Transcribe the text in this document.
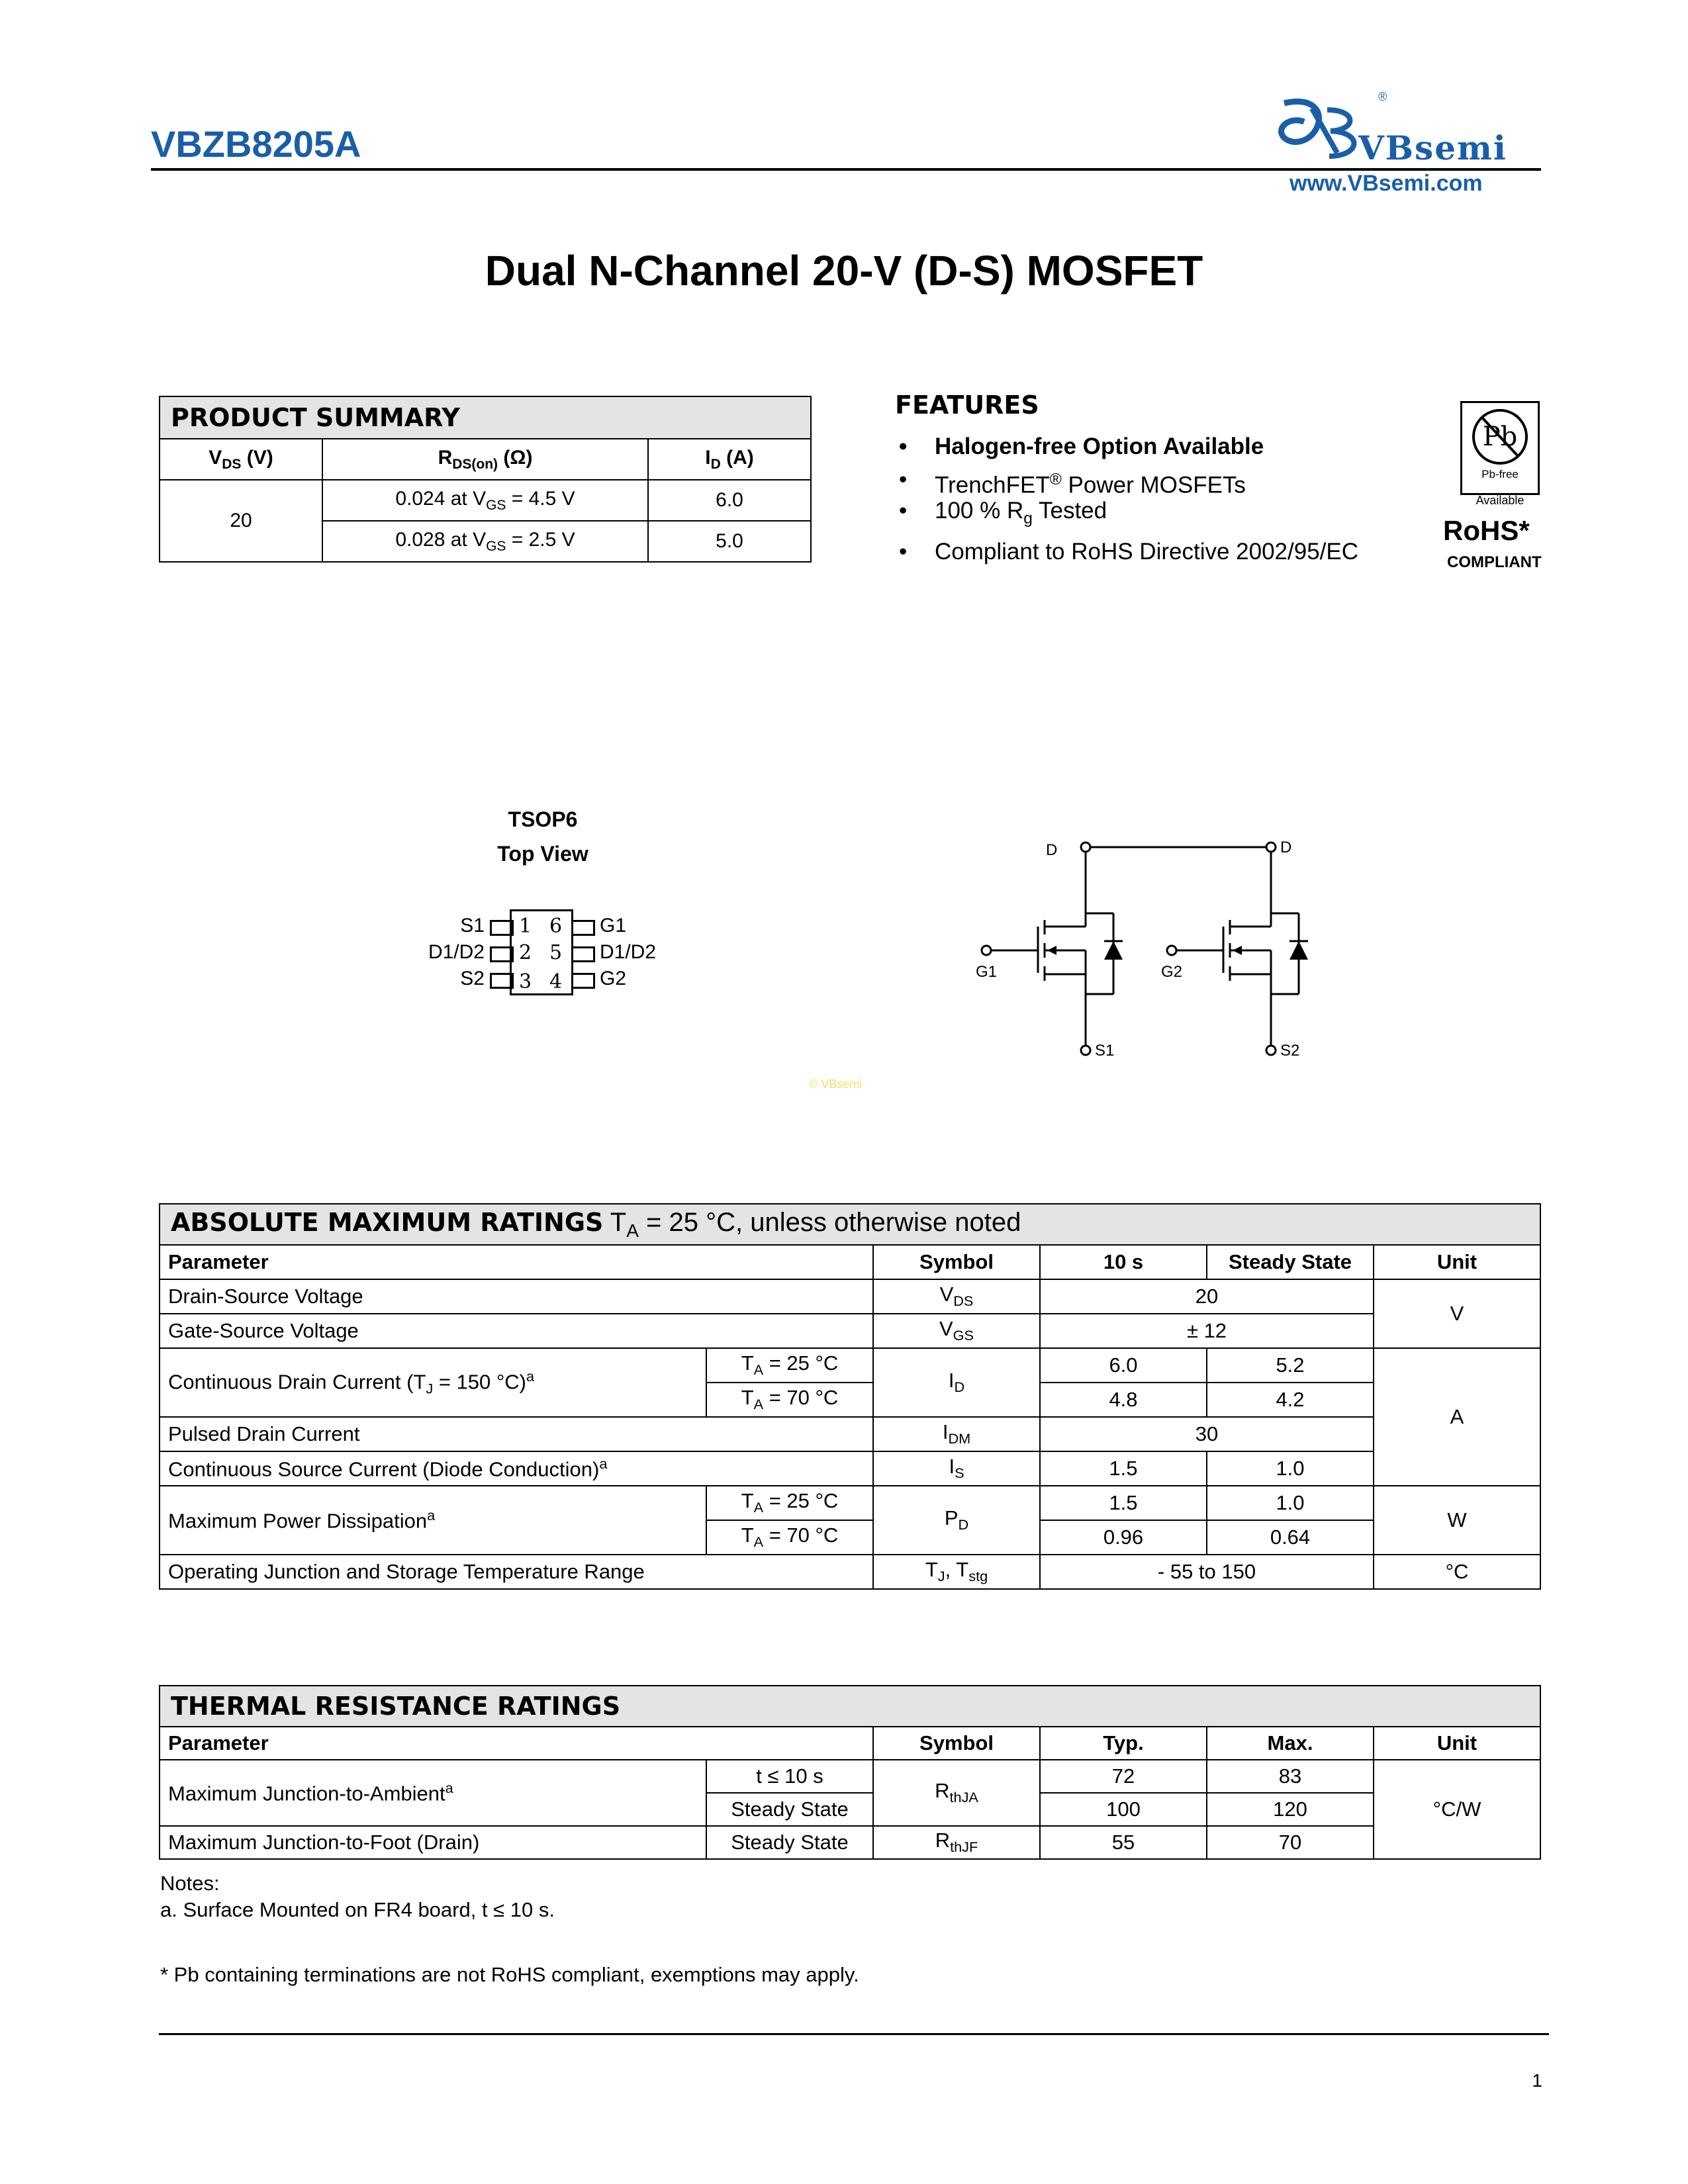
VBZB8205A
®
VBsemi
www.VBsemi.com
Dual N-Channel 20-V (D-S) MOSFET
PRODUCT SUMMARY		
$V_{DS}$ (V)	$R_{DS(on)}$ (Ω)	$I_D$ (A)
20	0.024 at $V_{GS} = 4.5$ V	6.0
	0.028 at $V_{GS} = 2.5$ V	5.0
FEATURES
• Halogen-free Option Available
• TrenchFET® Power MOSFETs
• 100 % $R_g$ Tested
• Compliant to RoHS Directive 2002/95/EC
Pb
Pb-free
Available
RoHS*
COMPLIANT
TSOP6
Top View
S1
D1/D2
S2
G1
D1/D2
G2
1
2
3
6
5
4
D	D
G1	G2
S1	S2
© VBsemi
ABSOLUTE MAXIMUM RATINGS $T_A = 25$ °C, unless otherwise noted					
Parameter		Symbol	10 s	Steady State	Unit
Drain-Source Voltage		$V_{DS}$	20		V
Gate-Source Voltage		$V_{GS}$	± 12		
Continuous Drain Current ($T_J = 150$ °C)$^a$	$T_A = 25$ °C	$I_D$	6.0	5.2	A
	$T_A = 70$ °C		4.8	4.2	
Pulsed Drain Current		$I_{DM}$	30		
Continuous Source Current (Diode Conduction)$^a$		$I_S$	1.5	1.0	
Maximum Power Dissipation$^a$	$T_A = 25$ °C	$P_D$	1.5	1.0	W
	$T_A = 70$ °C		0.96	0.64	
Operating Junction and Storage Temperature Range		$T_J$, $T_{stg}$	- 55 to 150		°C
THERMAL RESISTANCE RATINGS					
Parameter		Symbol	Typ.	Max.	Unit
Maximum Junction-to-Ambient$^a$	t ≤ 10 s	$R_{thJA}$	72	83	°C/W
	Steady State		100	120	
Maximum Junction-to-Foot (Drain)	Steady State	$R_{thJF}$	55	70	
Notes:
a. Surface Mounted on FR4 board, t ≤ 10 s.
* Pb containing terminations are not RoHS compliant, exemptions may apply.
1
